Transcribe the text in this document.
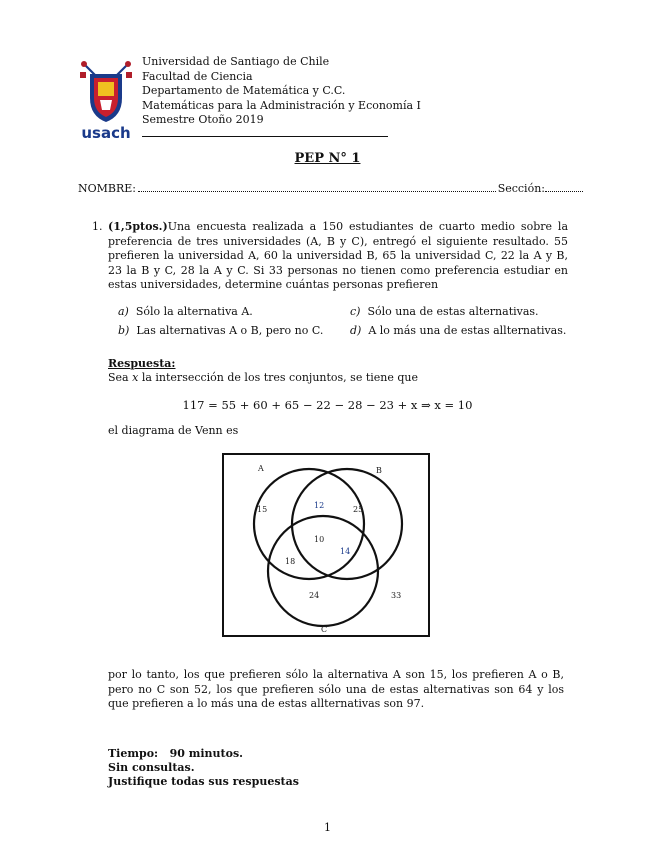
usach
Universidad de Santiago de Chile
Facultad de Ciencia
Departamento de Matemática y C.C.
Matemáticas para la Administración y Economía I
Semestre Otoño 2019
PEP N° 1
NOMBRE:	Sección:
1. (1,5ptos.)Una encuesta realizada a 150 estudiantes de cuarto medio sobre la preferencia de tres universidades (A, B y C), entregó el siguiente resultado. 55 prefieren la universidad A, 60 la universidad B, 65 la universidad C, 22 la A y B, 23 la B y C, 28 la A y C. Si 33 personas no tienen como preferencia estudiar en estas universidades, determine cuántas personas prefieren
a) Sólo la alternativa A.
b) Las alternativas A o B, pero no C.
c) Sólo una de estas alternativas.
d) A lo más una de estas allternativas.
Respuesta:
Sea x la intersección de los tres conjuntos, se tiene que
117 = 55 + 60 + 65 − 22 − 28 − 23 + x ⇒ x = 10
el diagrama de Venn es
A	B
C
15	12	25
10
18
14
24	33
por lo tanto, los que prefieren sólo la alternativa A son 15, los prefieren A o B, pero no C son 52, los que prefieren sólo una de estas alternativas son 64 y los que prefieren a lo más una de estas allternativas son 97.
Tiempo: 90 minutos.
Sin consultas.
Justifique todas sus respuestas
1
